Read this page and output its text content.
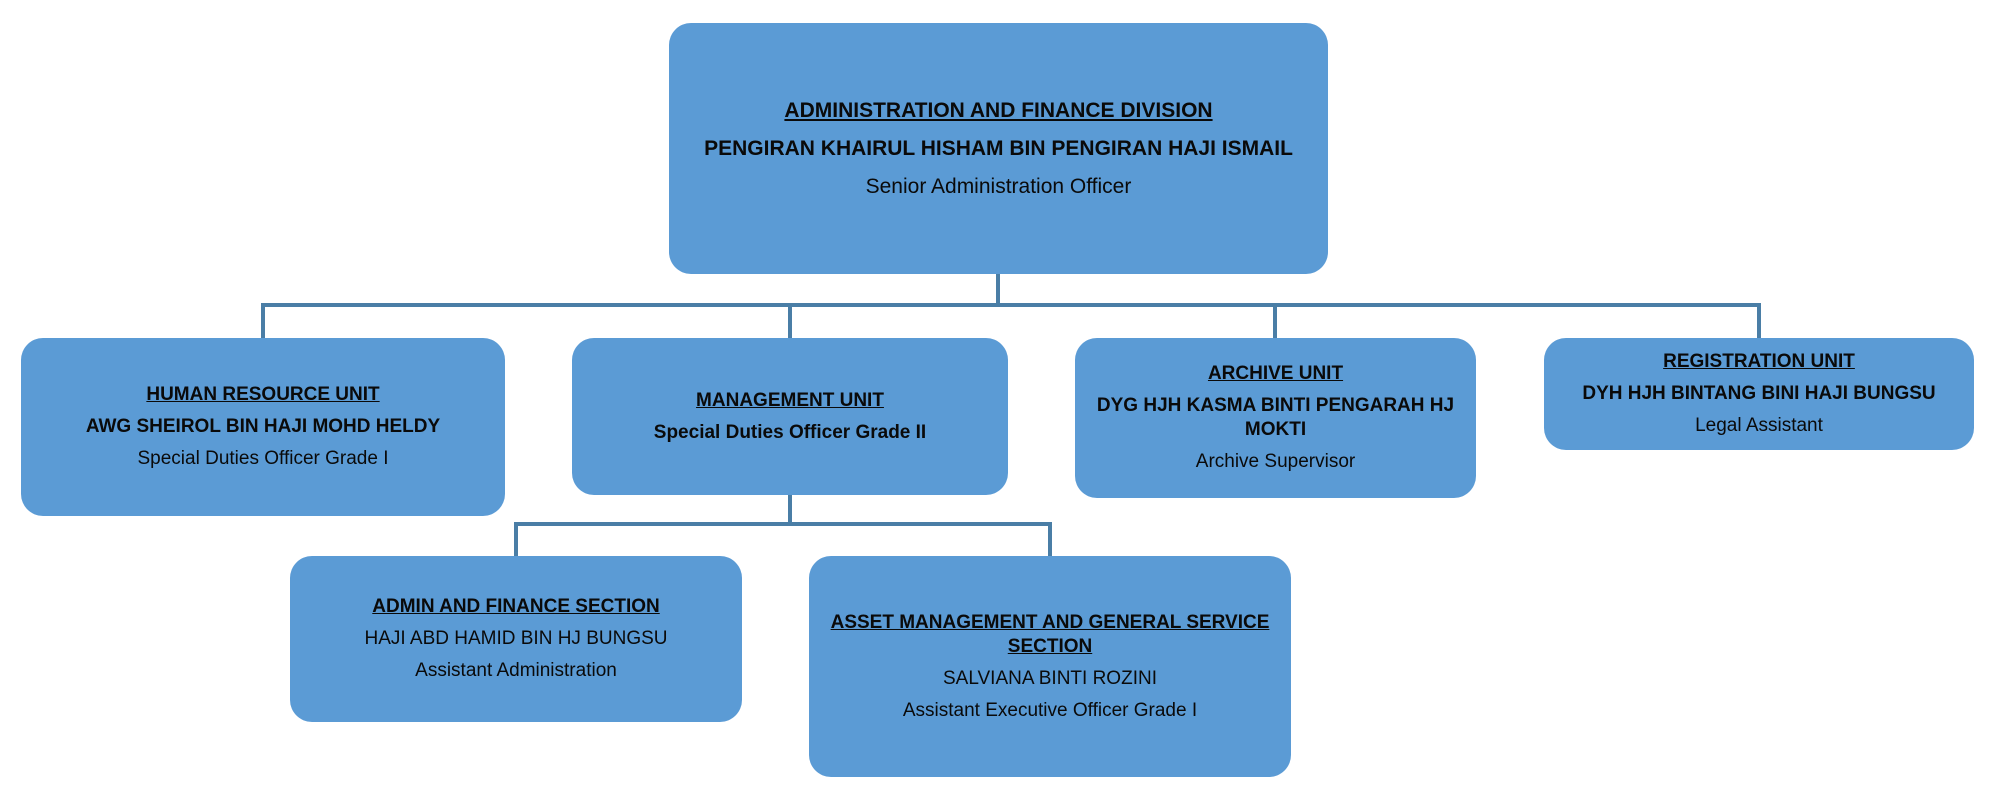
ADMINISTRATION AND FINANCE DIVISION
PENGIRAN KHAIRUL HISHAM BIN PENGIRAN HAJI ISMAIL
Senior Administration Officer
HUMAN RESOURCE UNIT
AWG SHEIROL BIN HAJI MOHD HELDY
Special Duties Officer Grade I
MANAGEMENT UNIT
Special Duties Officer Grade II
ARCHIVE UNIT
DYG HJH KASMA BINTI PENGARAH HJ MOKTI
Archive Supervisor
REGISTRATION UNIT
DYH HJH BINTANG BINI HAJI BUNGSU
Legal Assistant
ADMIN AND FINANCE SECTION
HAJI ABD HAMID BIN HJ BUNGSU
Assistant Administration
ASSET MANAGEMENT AND GENERAL SERVICE SECTION
SALVIANA BINTI ROZINI
Assistant Executive Officer Grade I
